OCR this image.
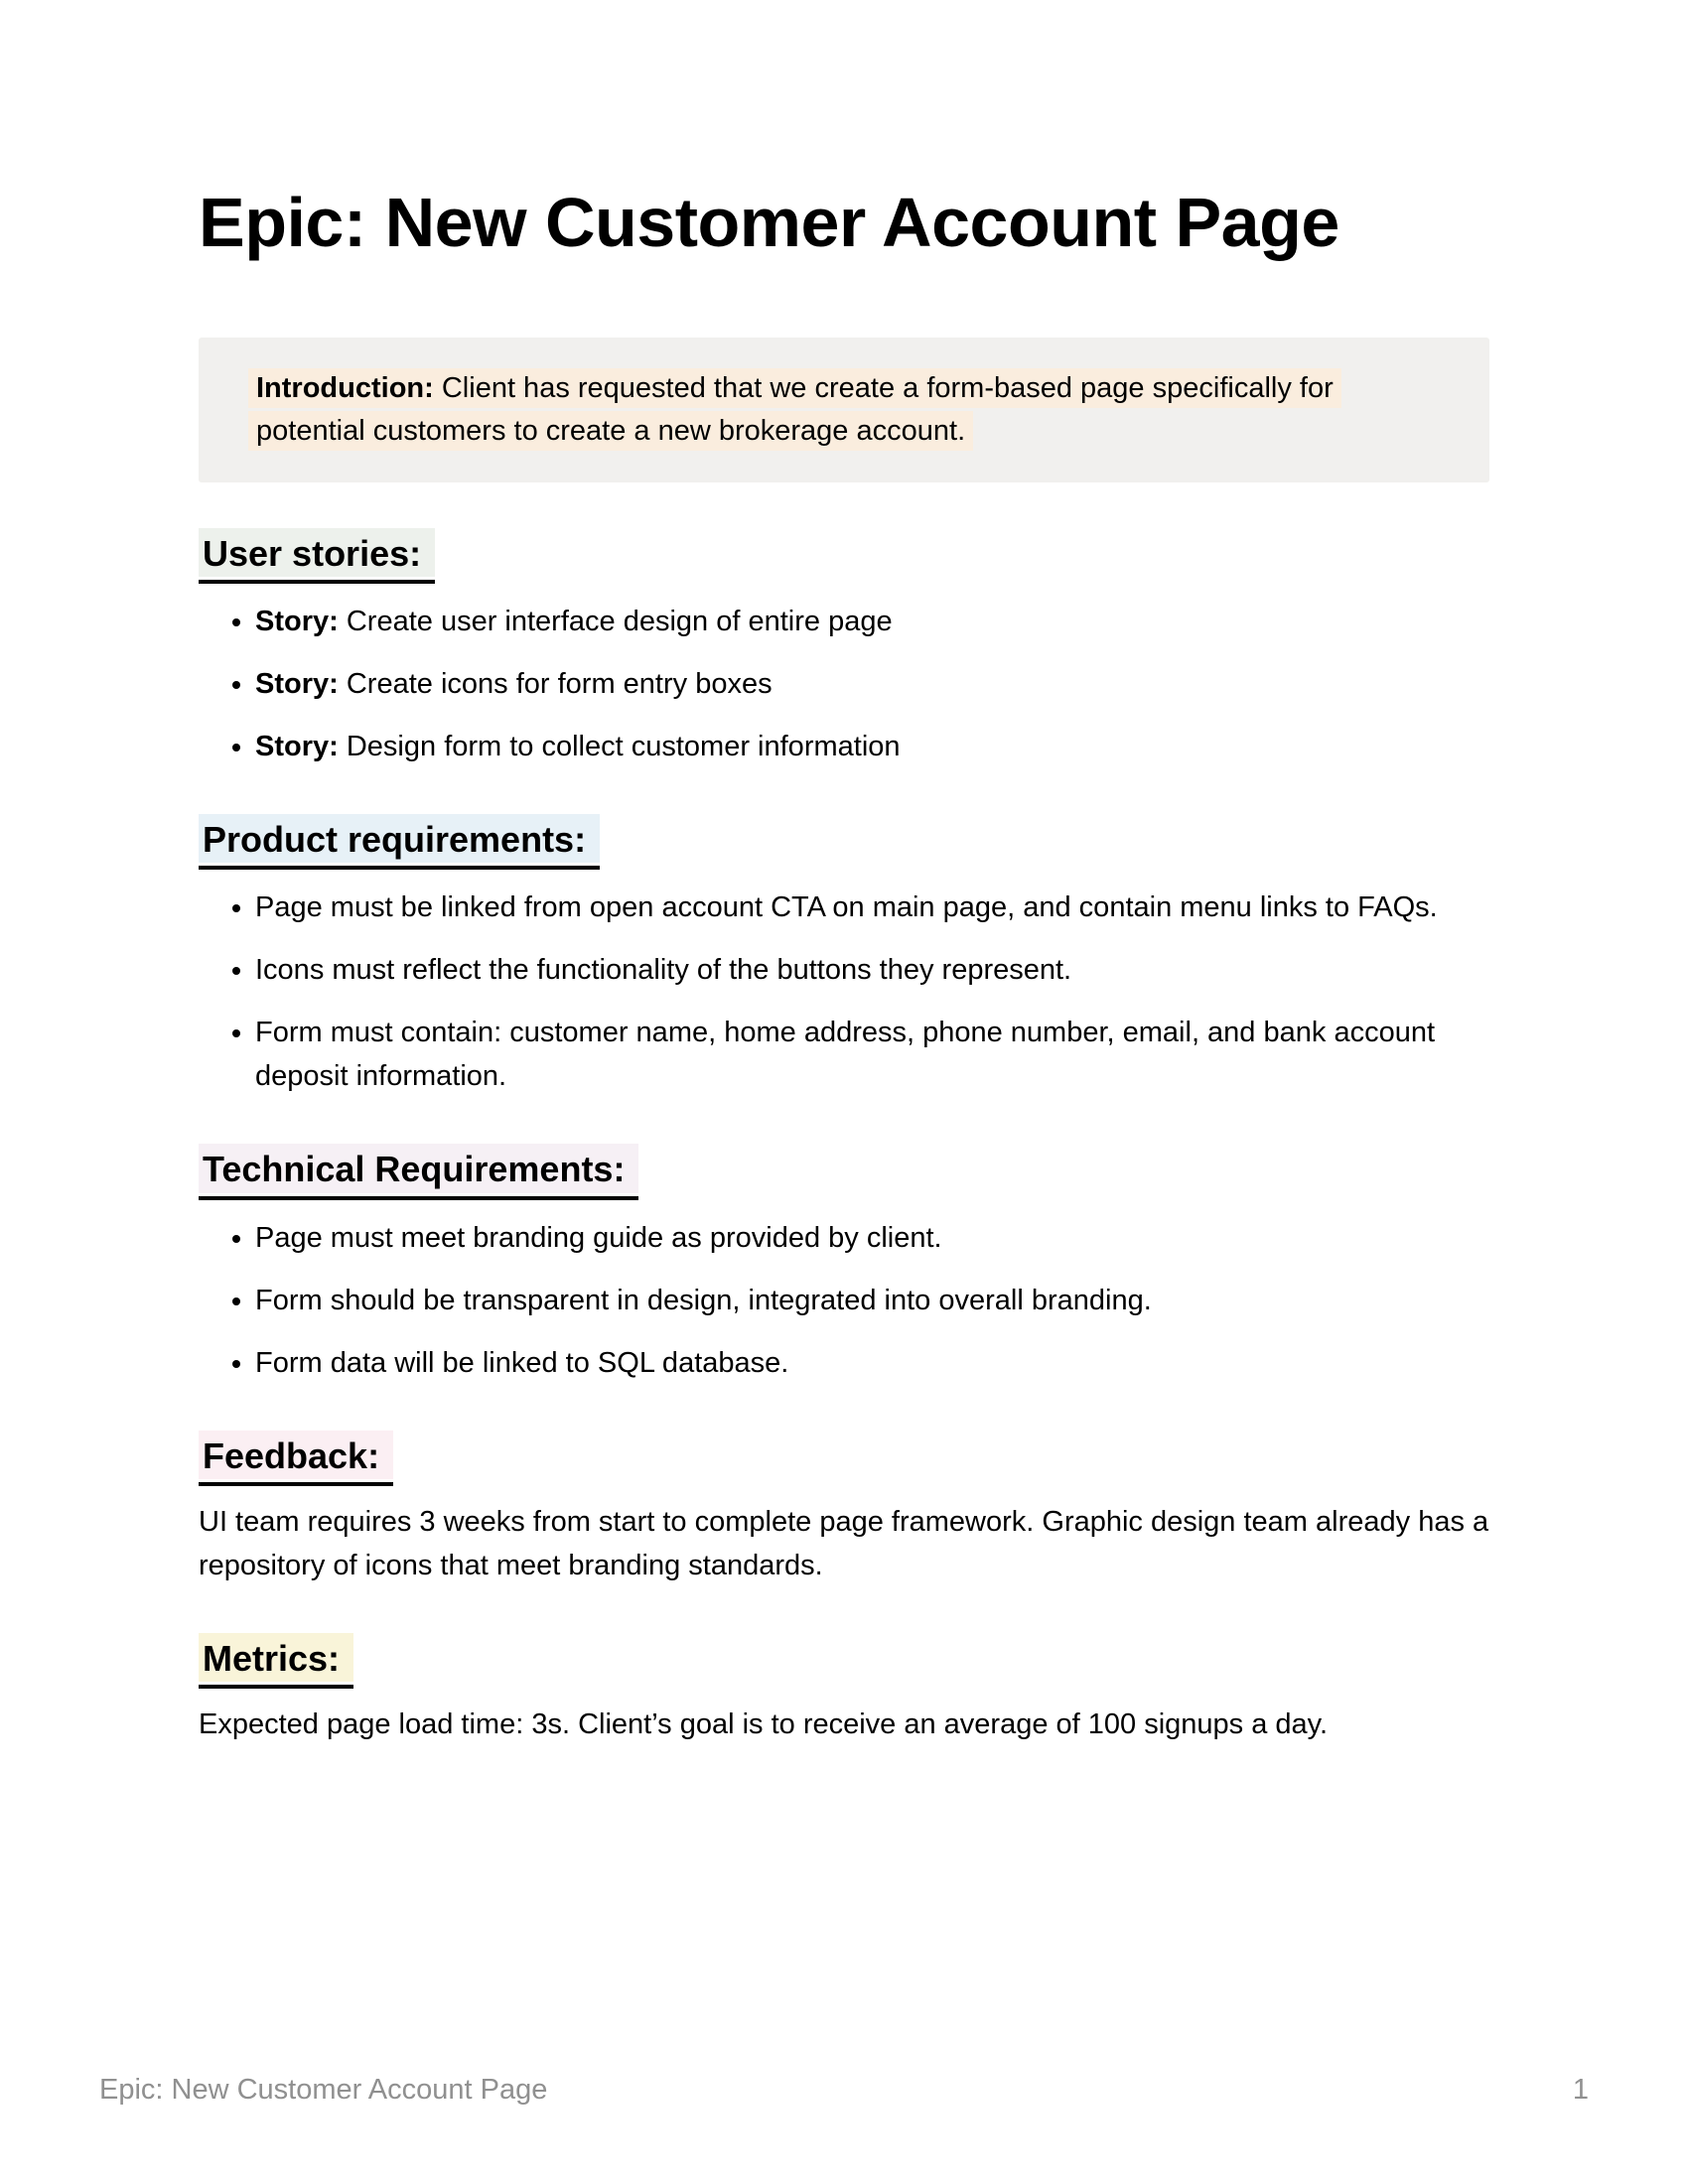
Epic: New Customer Account Page

Introduction: Client has requested that we create a form-based page specifically for potential customers to create a new brokerage account.

User stories:
• Story: Create user interface design of entire page
• Story: Create icons for form entry boxes
• Story: Design form to collect customer information
Product requirements:
• Page must be linked from open account CTA on main page, and contain menu links to FAQs.
• Icons must reflect the functionality of the buttons they represent.
• Form must contain: customer name, home address, phone number, email, and bank account deposit information.
Technical Requirements:
• Page must meet branding guide as provided by client.
• Form should be transparent in design, integrated into overall branding.
• Form data will be linked to SQL database.
Feedback:

UI team requires 3 weeks from start to complete page framework. Graphic design team already has a repository of icons that meet branding standards.

Metrics:

Expected page load time: 3s. Client’s goal is to receive an average of 100 signups a day.

Epic: New Customer Account Page	1
